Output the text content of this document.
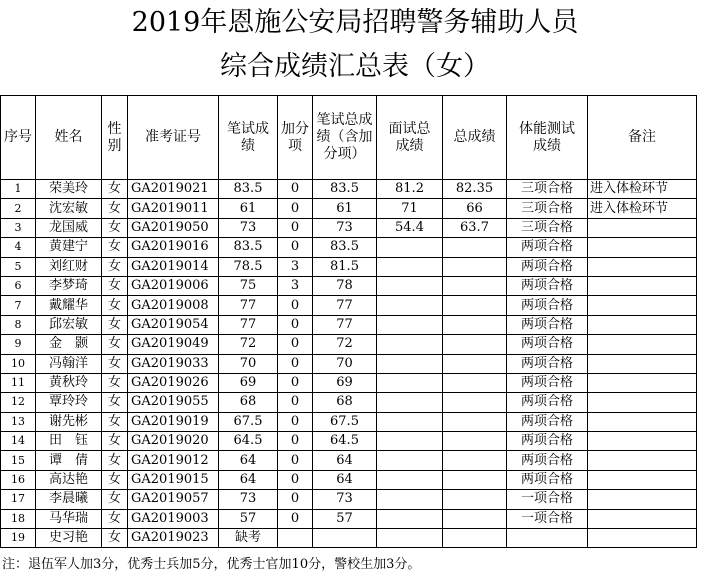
2019年恩施公安局招聘警务辅助人员
综合成绩汇总表（女）
序号	姓名	性别	准考证号	笔试成绩	加分项	笔试总成绩（含加分项）	面试总成绩	总成绩	体能测试成绩	备注
1	荣美玲	女	GA2019021	83.5	0	83.5	81.2	82.35	三项合格	进入体检环节
2	沈宏敏	女	GA2019011	61	0	61	71	66	三项合格	进入体检环节
3	龙国威	女	GA2019050	73	0	73	54.4	63.7	三项合格	
4	黄建宁	女	GA2019016	83.5	0	83.5			两项合格	
5	刘红财	女	GA2019014	78.5	3	81.5			两项合格	
6	李梦琦	女	GA2019006	75	3	78			两项合格	
7	戴耀华	女	GA2019008	77	0	77			两项合格	
8	邱宏敏	女	GA2019054	77	0	77			两项合格	
9	金　颢	女	GA2019049	72	0	72			两项合格	
10	冯翰洋	女	GA2019033	70	0	70			两项合格	
11	黄秋玲	女	GA2019026	69	0	69			两项合格	
12	覃玲玲	女	GA2019055	68	0	68			两项合格	
13	谢先彬	女	GA2019019	67.5	0	67.5			两项合格	
14	田　钰	女	GA2019020	64.5	0	64.5			两项合格	
15	谭　倩	女	GA2019012	64	0	64			两项合格	
16	高达艳	女	GA2019015	64	0	64			两项合格	
17	李晨曦	女	GA2019057	73	0	73			一项合格	
18	马华瑞	女	GA2019003	57	0	57			一项合格	
19	史习艳	女	GA2019023	缺考						
注：退伍军人加3分，优秀士兵加5分，优秀士官加10分，警校生加3分。
